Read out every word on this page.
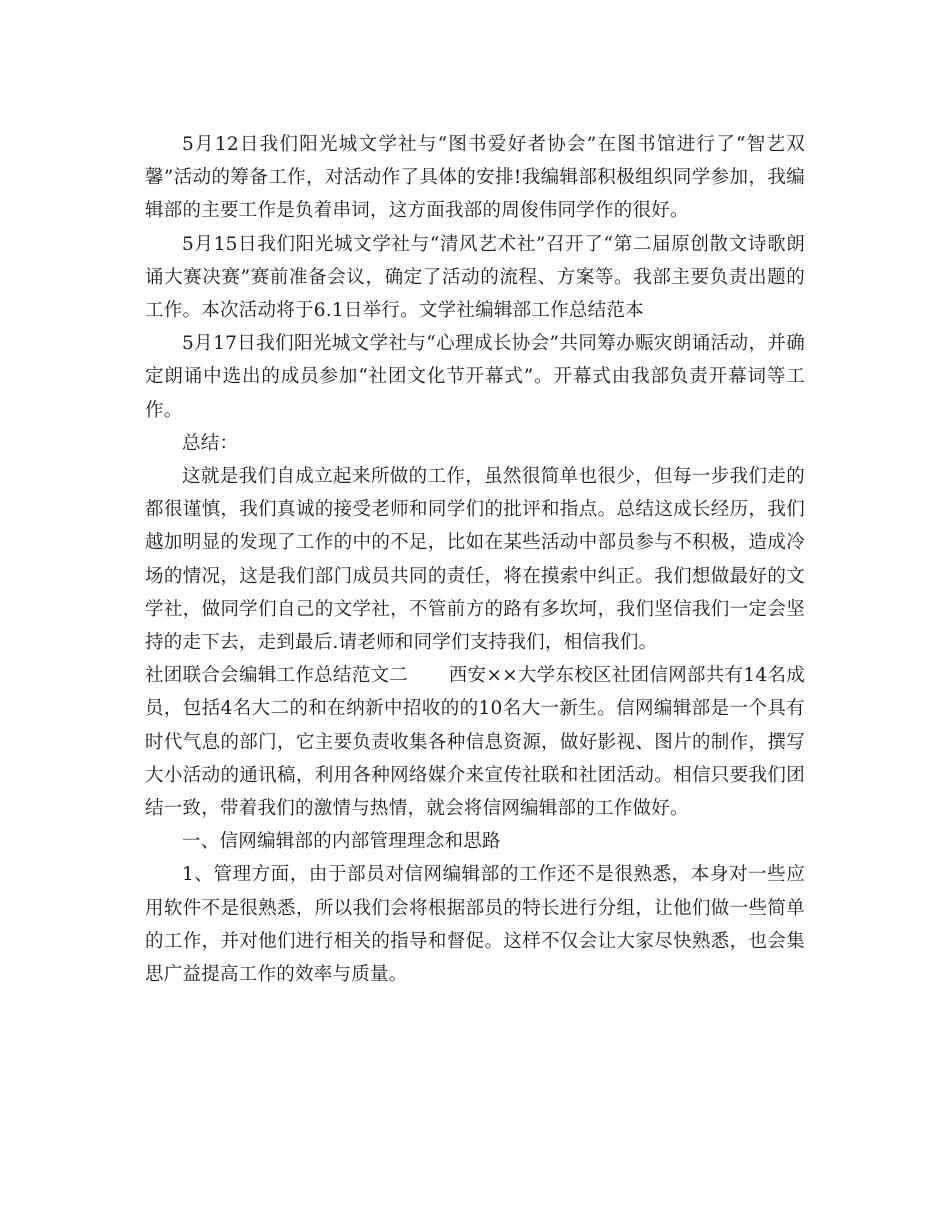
5月12日我们阳光城文学社与“图书爱好者协会”在图书馆进行了“智艺双馨”活动的筹备工作，对活动作了具体的安排!我编辑部积极组织同学参加，我编辑部的主要工作是负着串词，这方面我部的周俊伟同学作的很好。

5月15日我们阳光城文学社与“清风艺术社”召开了“第二届原创散文诗歌朗诵大赛决赛”赛前准备会议，确定了活动的流程、方案等。我部主要负责出题的工作。本次活动将于6.1日举行。文学社编辑部工作总结范本

5月17日我们阳光城文学社与“心理成长协会”共同筹办赈灾朗诵活动，并确定朗诵中选出的成员参加“社团文化节开幕式”。开幕式由我部负责开幕词等工作。

总结：

这就是我们自成立起来所做的工作，虽然很简单也很少，但每一步我们走的都很谨慎，我们真诚的接受老师和同学们的批评和指点。总结这成长经历，我们越加明显的发现了工作的中的不足，比如在某些活动中部员参与不积极，造成冷场的情况，这是我们部门成员共同的责任，将在摸索中纠正。我们想做最好的文学社，做同学们自己的文学社，不管前方的路有多坎坷，我们坚信我们一定会坚持的走下去，走到最后.请老师和同学们支持我们，相信我们。

社团联合会编辑工作总结范文二 西安××大学东校区社团信网部共有14名成员，包括4名大二的和在纳新中招收的的10名大一新生。信网编辑部是一个具有时代气息的部门，它主要负责收集各种信息资源，做好影视、图片的制作，撰写大小活动的通讯稿，利用各种网络媒介来宣传社联和社团活动。相信只要我们团结一致，带着我们的激情与热情，就会将信网编辑部的工作做好。

一、信网编辑部的内部管理理念和思路

1、管理方面，由于部员对信网编辑部的工作还不是很熟悉，本身对一些应用软件不是很熟悉，所以我们会将根据部员的特长进行分组，让他们做一些简单的工作，并对他们进行相关的指导和督促。这样不仅会让大家尽快熟悉，也会集思广益提高工作的效率与质量。
